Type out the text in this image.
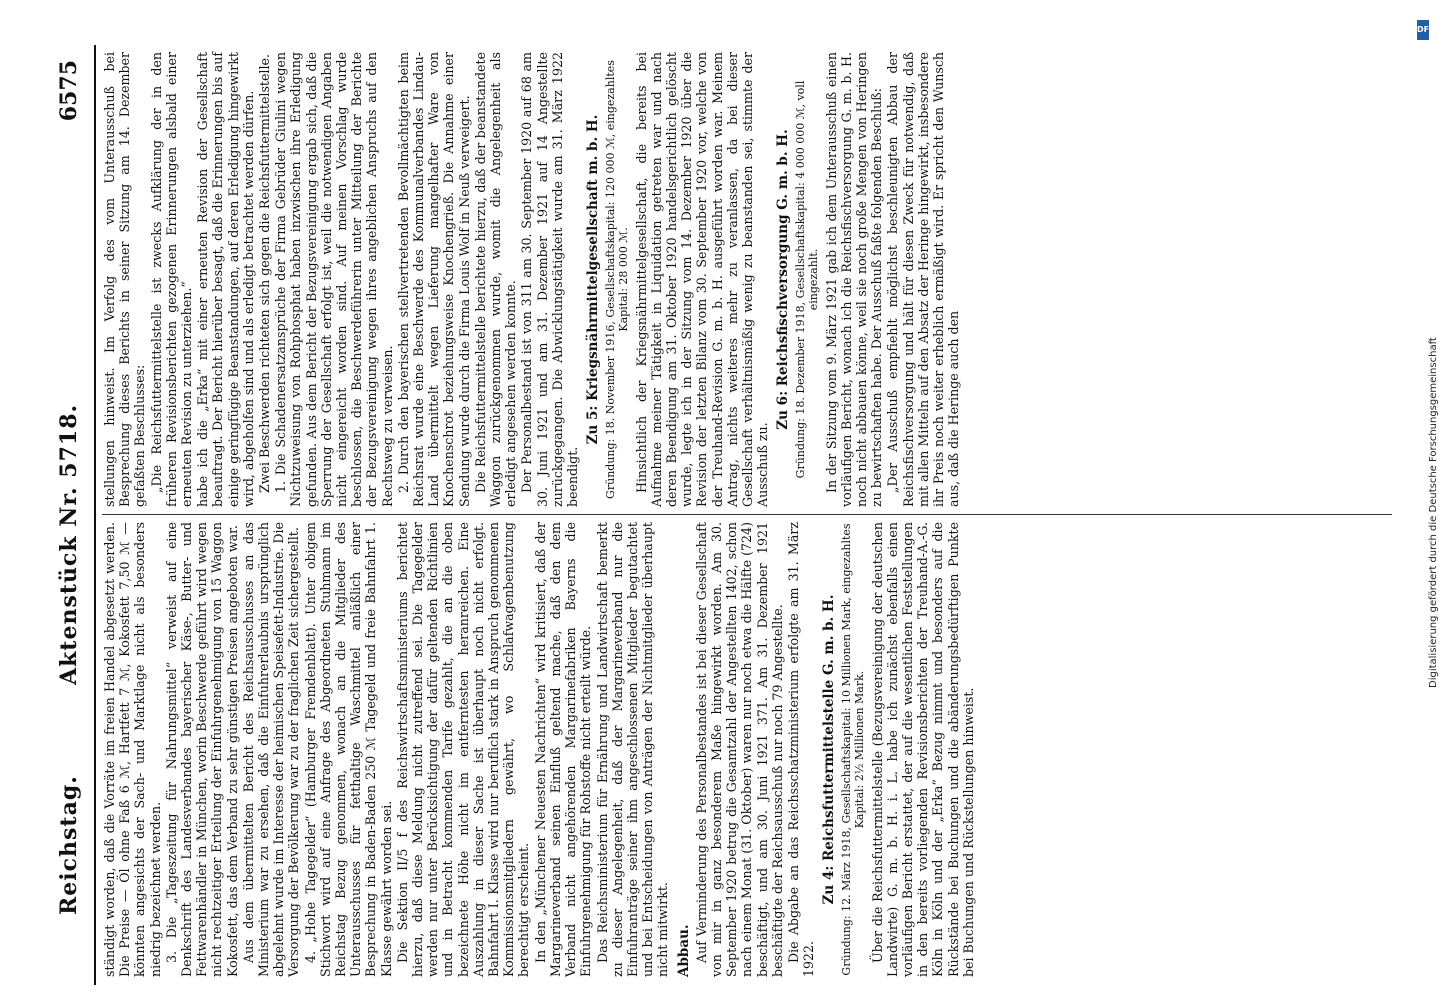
Reichstag.
Aktenstück Nr. 5718.
6575

ständigt worden, daß die Vorräte im freien Handel abgesetzt werden. Die Preise — Öl ohne Faß 6 ℳ, Hartfett 7 ℳ, Kokosfett 7,50 ℳ — könnten angesichts der Sach- und Marktlage nicht als besonders niedrig bezeichnet werden. 3. Die „Tageszeitung für Nahrungsmittel“ verweist auf eine Denkschrift des Landesverbandes bayerischer Käse-, Butter- und Fettwarenhändler in München, worin Beschwerde geführt wird wegen nicht rechtzeitiger Erteilung der Einfuhrgenehmigung von 15 Waggon Kokosfett, das dem Verband zu sehr günstigen Preisen angeboten war. Aus dem übermittelten Bericht des Reichsausschusses an das Ministerium war zu ersehen, daß die Einfuhrerlaubnis ursprünglich abgelehnt wurde im Interesse der heimischen Speisefett-Industrie. Die Versorgung der Bevölkerung war zu der fraglichen Zeit sichergestellt. 4. „Hohe Tagegelder“ (Hamburger Fremdenblatt). Unter obigem Stichwort wird auf eine Anfrage des Abgeordneten Stuhmann im Reichstag Bezug genommen, wonach an die Mitglieder des Unterausschusses für fetthaltige Waschmittel anläßlich einer Besprechung in Baden-Baden 250 ℳ Tagegeld und freie Bahnfahrt 1. Klasse gewährt worden sei. Die Sektion II/5 f des Reichswirtschaftsministeriums berichtet hierzu, daß diese Meldung nicht zutreffend sei. Die Tagegelder werden nur unter Berücksichtigung der dafür geltenden Richtlinien und in Betracht kommenden Tarife gezahlt, die an die oben bezeichnete Höhe nicht im entferntesten heranreichen. Eine Auszahlung in dieser Sache ist überhaupt noch nicht erfolgt. Bahnfahrt I. Klasse wird nur beruflich stark in Anspruch genommenen Kommissionsmitgliedern gewährt, wo Schlafwagenbenutzung berechtigt erscheint. In den „Münchener Neuesten Nachrichten“ wird kritisiert, daß der Margarineverband seinen Einfluß geltend mache, daß den dem Verband nicht angehörenden Margarinefabriken Bayerns die Einfuhrgenehmigung für Rohstoffe nicht erteilt würde. Das Reichsministerium für Ernährung und Landwirtschaft bemerkt zu dieser Angelegenheit, daß der Margarineverband nur die Einfuhranträge seiner ihm angeschlossenen Mitglieder begutachtet und bei Entscheidungen von Anträgen der Nichtmitglieder überhaupt nicht mitwirkt. Abbau. Auf Verminderung des Personalbestandes ist bei dieser Gesellschaft von mir in ganz besonderem Maße hingewirkt worden. Am 30. September 1920 betrug die Gesamtzahl der Angestellten 1402, schon nach einem Monat (31. Oktober) waren nur noch etwa die Hälfte (724) beschäftigt, und am 30. Juni 1921 371. Am 31. Dezember 1921 beschäftigte der Reichsausschuß nur noch 79 Angestellte. Die Abgabe an das Reichsschatzministerium erfolgte am 31. März 1922.

Zu 4: Reichsfuttermittelstelle G. m. b. H. Gründung: 12. März 1918, Gesellschaftskapital: 10 Millionen Mark, eingezahltes Kapital: 2½ Millionen Mark. Über die Reichsfuttermittelstelle (Bezugsvereinigung der deutschen Landwirte) G. m. b. H. i. L. habe ich zunächst ebenfalls einen vorläufigen Bericht erstattet, der auf die wesentlichen Feststellungen in den bereits vorliegenden Revisionsberichten der Treuhand-A.-G. Köln in Köln und der „Erka“ Bezug nimmt und besonders auf die Rückstände bei Buchungen und die abänderungsbedürftigen Punkte bei Buchungen und Rückstellungen hinweist.

stellungen hinweist. Im Verfolg des vom Unterausschuß bei Besprechung dieses Berichts in seiner Sitzung am 14. Dezember gefaßten Beschlusses: „Die Reichsfuttermittelstelle ist zwecks Aufklärung der in den früheren Revisionsberichten gezogenen Erinnerungen alsbald einer erneuten Revision zu unterziehen.“ habe ich die „Erka“ mit einer erneuten Revision der Gesellschaft beauftragt. Der Bericht hierüber besagt, daß die Erinnerungen bis auf einige geringfügige Beanstandungen, auf deren Erledigung hingewirkt wird, abgeholfen sind und als erledigt betrachtet werden dürfen. Zwei Beschwerden richteten sich gegen die Reichsfuttermittelstelle. 1. Die Schadenersatzansprüche der Firma Gebrüder Giulini wegen Nichtzuweisung von Rohphosphat haben inzwischen ihre Erledigung gefunden. Aus dem Bericht der Bezugsvereinigung ergab sich, daß die Sperrung der Gesellschaft erfolgt ist, weil die notwendigen Angaben nicht eingereicht worden sind. Auf meinen Vorschlag wurde beschlossen, die Beschwerdeführerin unter Mitteilung der Berichte der Bezugsvereinigung wegen ihres angeblichen Anspruchs auf den Rechtsweg zu verweisen. 2. Durch den bayerischen stellvertretenden Bevollmächtigten beim Reichsrat wurde eine Beschwerde des Kommunalverbandes Lindau-Land übermittelt wegen Lieferung mangelhafter Ware von Knochenschrot beziehungsweise Knochengrieß. Die Annahme einer Sendung wurde durch die Firma Louis Wolf in Neuß verweigert. Die Reichsfuttermittelstelle berichtete hierzu, daß der beanstandete Waggon zurückgenommen wurde, womit die Angelegenheit als erledigt angesehen werden konnte. Der Personalbestand ist von 311 am 30. September 1920 auf 68 am 30. Juni 1921 und am 31. Dezember 1921 auf 14 Angestellte zurückgegangen. Die Abwicklungstätigkeit wurde am 31. März 1922 beendigt.

Zu 5: Kriegsnährmittelgesellschaft m. b. H. Gründung: 18. November 1916, Gesellschaftskapital: 120 000 ℳ, eingezahltes Kapital: 28 000 ℳ. Hinsichtlich der Kriegsnährmittelgesellschaft, die bereits bei Aufnahme meiner Tätigkeit in Liquidation getreten war und nach deren Beendigung am 31. Oktober 1920 handelsgerichtlich gelöscht wurde, legte ich in der Sitzung vom 14. Dezember 1920 über die Revision der letzten Bilanz vom 30. September 1920 vor, welche von der Treuhand-Revision G. m. b. H. ausgeführt worden war. Meinem Antrag, nichts weiteres mehr zu veranlassen, da bei dieser Gesellschaft verhältnismäßig wenig zu beanstanden sei, stimmte der Ausschuß zu.

Zu 6: Reichsfischversorgung G. m. b. H. Gründung: 18. Dezember 1918, Gesellschaftskapital: 4 000 000 ℳ, voll eingezahlt. In der Sitzung vom 9. März 1921 gab ich dem Unterausschuß einen vorläufigen Bericht, wonach ich die Reichsfischversorgung G. m. b. H. noch nicht abbauen könne, weil sie noch große Mengen von Heringen zu bewirtschaften habe. Der Ausschuß faßte folgenden Beschluß: „Der Ausschuß empfiehlt möglichst beschleunigten Abbau der Reichsfischversorgung und hält für diesen Zweck für notwendig, daß mit allen Mitteln auf den Absatz der Heringe hingewirkt, insbesondere ihr Preis noch weiter erheblich ermäßigt wird. Er spricht den Wunsch aus, daß die Heringe auch den

DFG
Digitalisierung gefördert durch die Deutsche Forschungsgemeinschaft
